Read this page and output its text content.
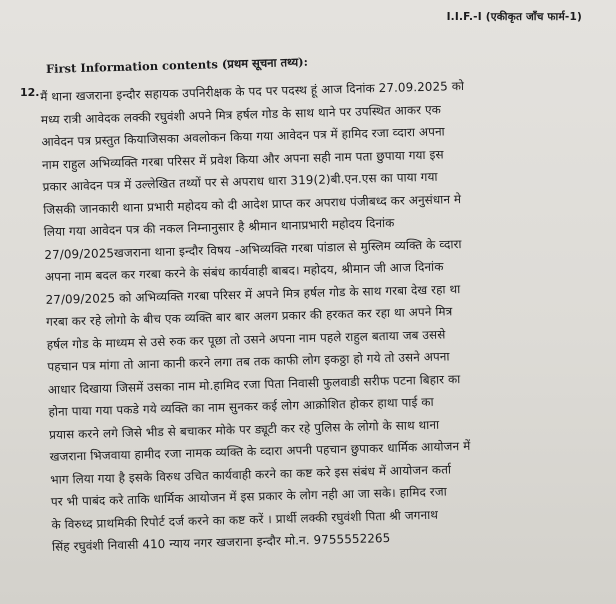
I.I.F.-I (एकीकृत जाँच फार्म-1)
12.
First Information contents (प्रथम सूचना तथ्य):
मैं थाना खजराना इन्दौर सहायक उपनिरीक्षक के पद पर पदस्थ हूं आज दिनांक 27.09.2025 को
मध्य रात्री आवेदक लक्की रघुवंशी अपने मित्र हर्षल गोड के साथ थाने पर उपस्थित आकर एक
आवेदन पत्र प्रस्तुत कियाजिसका अवलोकन किया गया आवेदन पत्र में हामिद रजा व्दारा अपना
नाम राहुल अभिव्यक्ति गरबा परिसर में प्रवेश किया और अपना सही नाम पता छुपाया गया इस
प्रकार आवेदन पत्र में उल्लेखित तथ्यों पर से अपराध धारा 319(2)बी.एन.एस का पाया गया
जिसकी जानकारी थाना प्रभारी महोदय को दी आदेश प्राप्त कर अपराध पंजीबध्द कर अनुसंधान मे
लिया गया आवेदन पत्र की नकल निम्नानुसार है श्रीमान थानाप्रभारी महोदय दिनांक
27/09/2025खजराना थाना इन्दौर विषय -अभिव्यक्ति गरबा पांडाल से मुस्लिम व्यक्ति के व्दारा
अपना नाम बदल कर गरबा करने के संबंध कार्यवाही बाबद। महोदय, श्रीमान जी आज दिनांक
27/09/2025 को अभिव्यक्ति गरबा परिसर में अपने मित्र हर्षल गोड के साथ गरबा देख रहा था
गरबा कर रहे लोगो के बीच एक व्यक्ति बार बार अलग प्रकार की हरकत कर रहा था अपने मित्र
हर्षल गोड के माध्यम से उसे रुक कर पूछा तो उसने अपना नाम पहले राहुल बताया जब उससे
पहचान पत्र मांगा तो आना कानी करने लगा तब तक काफी लोग इकठ्ठा हो गये तो उसने अपना
आधार दिखाया जिसमें उसका नाम मो.हामिद रजा पिता निवासी फुलवाडी सरीफ पटना बिहार का
होना पाया गया पकडे गये व्यक्ति का नाम सुनकर कई लोग आक्रोशित होकर हाथा पाई का
प्रयास करने लगे जिसे भीड से बचाकर मोके पर ड्यूटी कर रहे पुलिस के लोगो के साथ थाना
खजराना भिजवाया हामीद रजा नामक व्यक्ति के व्दारा अपनी पहचान छुपाकर धार्मिक आयोजन में
भाग लिया गया है इसके विरुध उचित कार्यवाही करने का कष्ट करे इस संबंध में आयोजन कर्ता
पर भी पाबंद करे ताकि धार्मिक आयोजन में इस प्रकार के लोग नही आ जा सके। हामिद रजा
के विरुध्द प्राथमिकी रिपोर्ट दर्ज करने का कष्ट करें । प्रार्थी लक्की रघुवंशी पिता श्री जगनाथ
सिंह रघुवंशी निवासी 410 न्याय नगर खजराना इन्दौर मो.न. 9755552265
